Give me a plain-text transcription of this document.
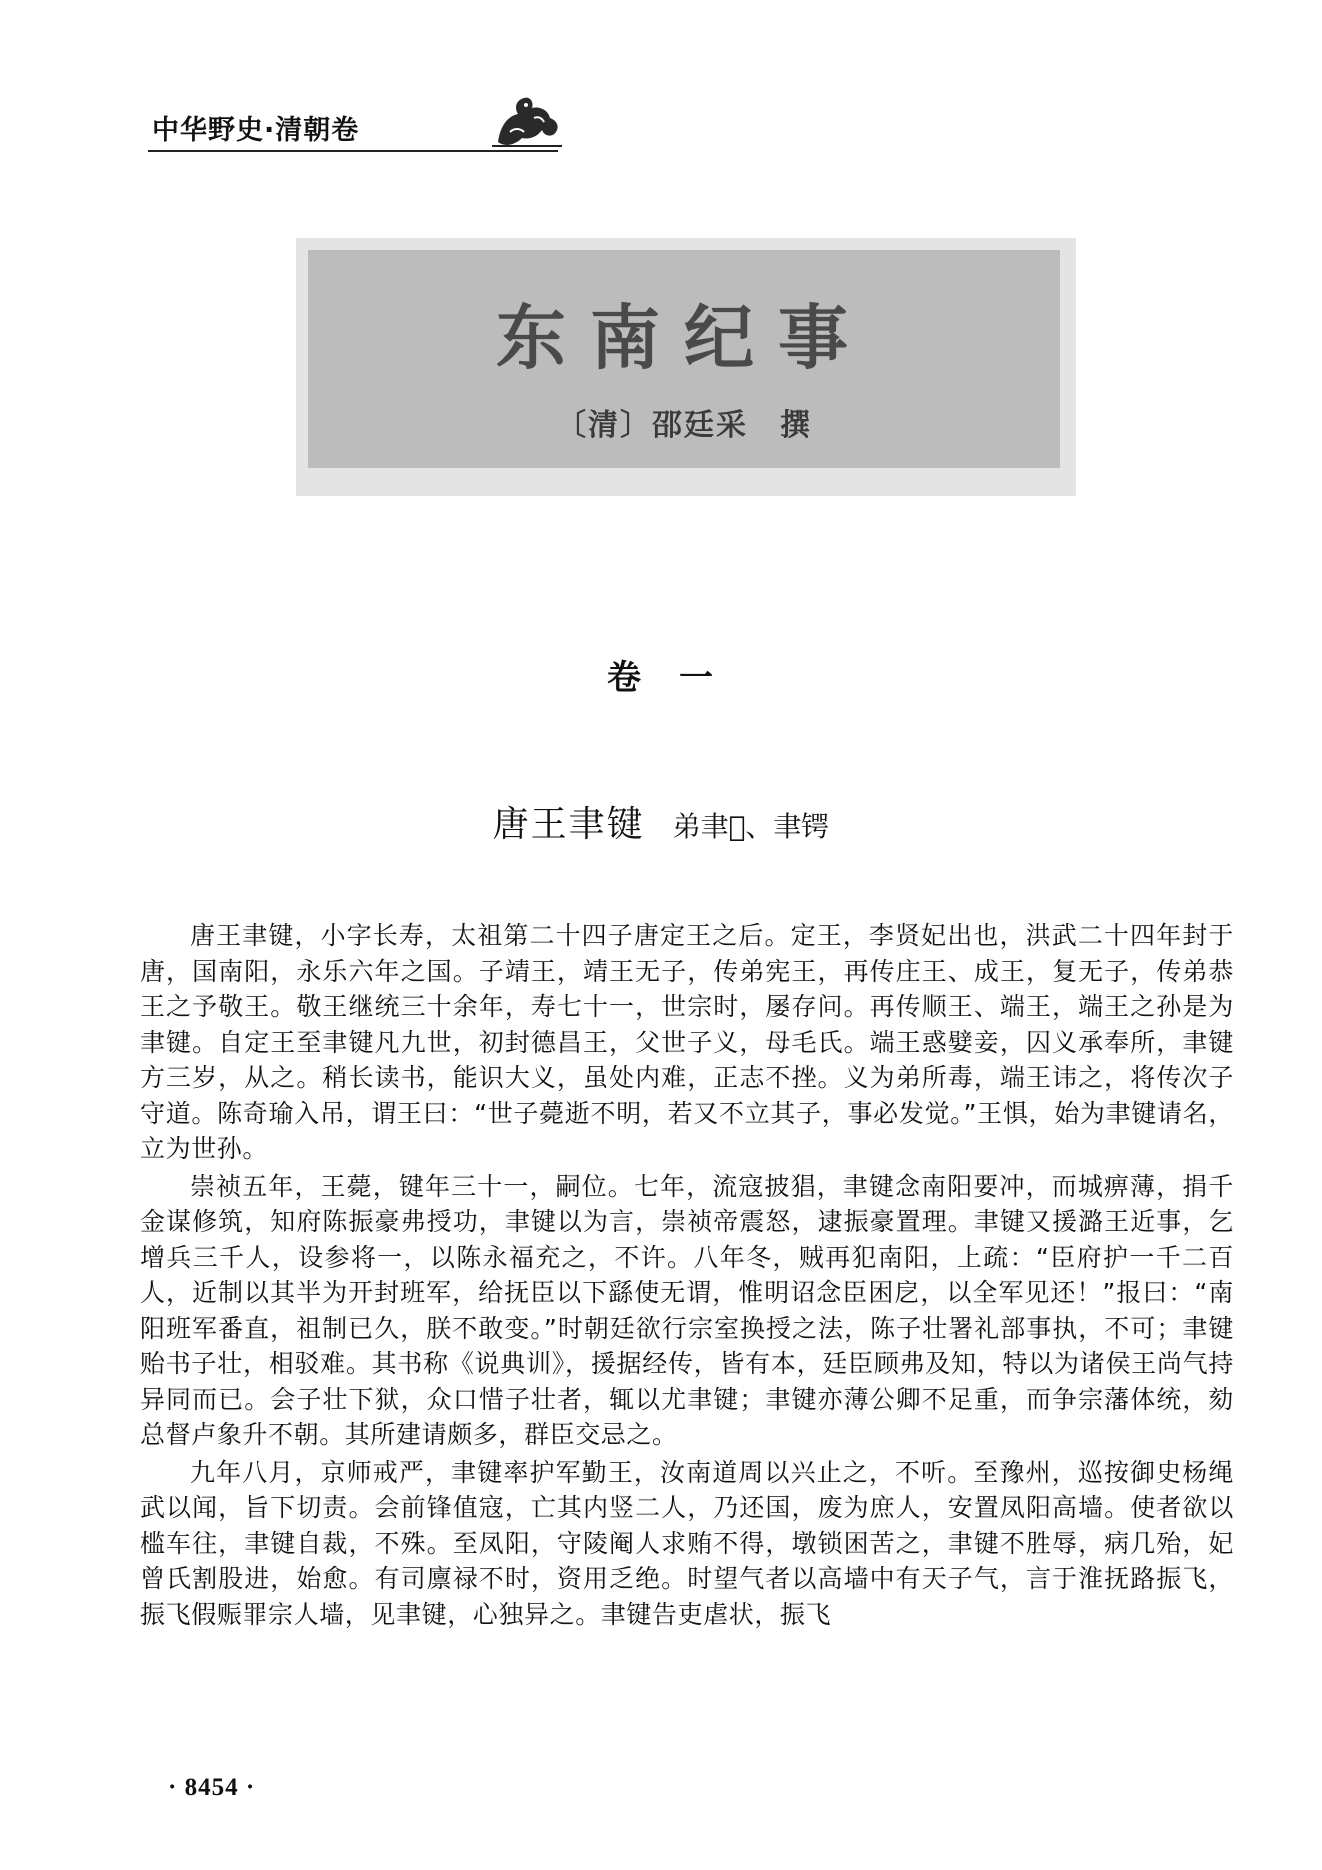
中华野史·清朝卷
东南纪事
〔清〕邵廷采　撰
卷　一
唐王聿键 弟聿𨮁、聿锷

唐王聿键，小字长寿，太祖第二十四子唐定王之后。定王，李贤妃出也，洪武二十四年封于唐，国南阳，永乐六年之国。子靖王，靖王无子，传弟宪王，再传庄王、成王，复无子，传弟恭王之予敬王。敬王继统三十余年，寿七十一，世宗时，屡存问。再传顺王、端王，端王之孙是为聿键。自定王至聿键凡九世，初封德昌王，父世子义，母毛氏。端王惑嬖妾，囚义承奉所，聿键方三岁，从之。稍长读书，能识大义，虽处内难，正志不挫。义为弟所毒，端王讳之，将传次子守道。陈奇瑜入吊，谓王曰：“世子薨逝不明，若又不立其子，事必发觉。”王惧，始为聿键请名，立为世孙。

崇祯五年，王薨，键年三十一，嗣位。七年，流寇披猖，聿键念南阳要冲，而城痹薄，捐千金谋修筑，知府陈振豪弗授功，聿键以为言，崇祯帝震怒，逮振豪置理。聿键又援潞王近事，乞增兵三千人，设参将一，以陈永福充之，不许。八年冬，贼再犯南阳，上疏：“臣府护一千二百人，近制以其半为开封班军，给抚臣以下繇使无谓，惟明诏念臣困戹，以全军见还！”报曰：“南阳班军番直，祖制已久，朕不敢变。”时朝廷欲行宗室换授之法，陈子壮署礼部事执，不可；聿键贻书子壮，相驳难。其书称《说典训》，援据经传，皆有本，廷臣顾弗及知，特以为诸侯王尚气持异同而已。会子壮下狱，众口惜子壮者，辄以尤聿键；聿键亦薄公卿不足重，而争宗藩体统，劾总督卢象升不朝。其所建请颇多，群臣交忌之。

九年八月，京师戒严，聿键率护军勤王，汝南道周以兴止之，不听。至豫州，巡按御史杨绳武以闻，旨下切责。会前锋值寇，亡其内竖二人，乃还国，废为庶人，安置凤阳高墙。使者欲以槛车往，聿键自裁，不殊。至凤阳，守陵阉人求贿不得，墩锁困苦之，聿键不胜辱，病几殆，妃曾氏割股进，始愈。有司廪禄不时，资用乏绝。时望气者以高墙中有天子气，言于淮抚路振飞，振飞假赈罪宗人墙，见聿键，心独异之。聿键告吏虐状，振飞

· 8454 ·
